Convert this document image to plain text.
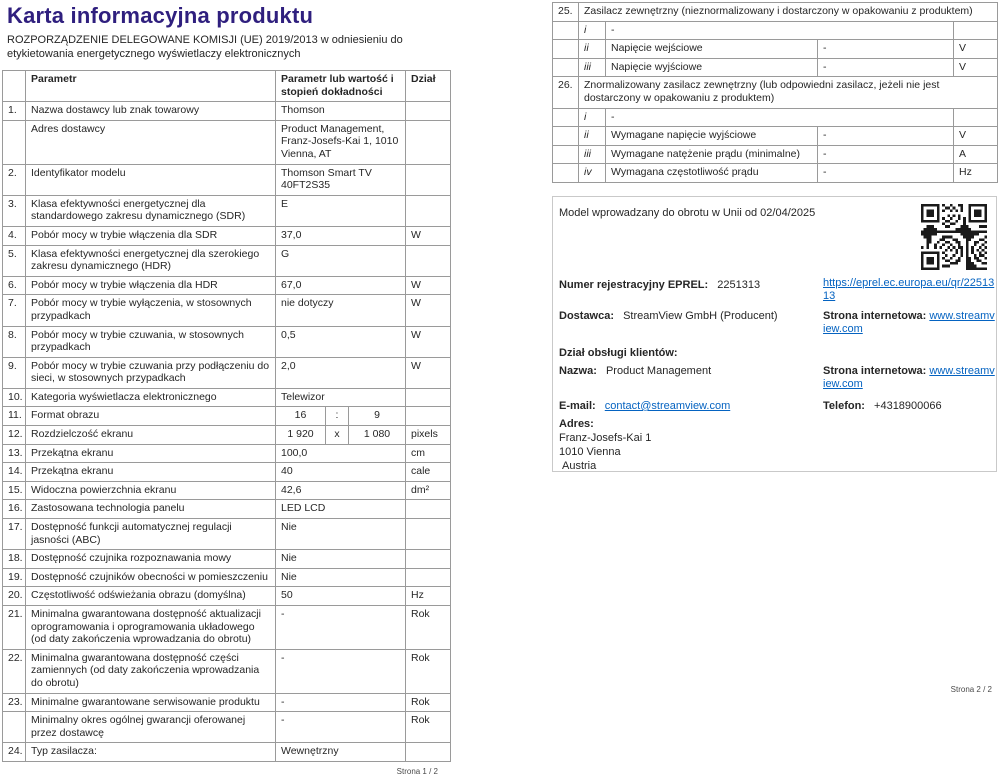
Karta informacyjna produktu
ROZPORZĄDZENIE DELEGOWANE KOMISJI (UE) 2019/2013 w odniesieniu do etykietowania energetycznego wyświetlaczy elektronicznych
	Parametr	Parametr lub wartość i stopień dokładności	Dział
1.	Nazwa dostawcy lub znak towarowy	Thomson	
	Adres dostawcy	Product Management, Franz-Josefs-Kai 1, 1010 Vienna, AT	
2.	Identyfikator modelu	Thomson Smart TV 40FT2S35	
3.	Klasa efektywności energetycznej dla standardowego zakresu dynamicznego (SDR)	E	
4.	Pobór mocy w trybie włączenia dla SDR	37,0	W
5.	Klasa efektywności energetycznej dla szerokiego zakresu dynamicznego (HDR)	G	
6.	Pobór mocy w trybie włączenia dla HDR	67,0	W
7.	Pobór mocy w trybie wyłączenia, w stosownych przypadkach	nie dotyczy	W
8.	Pobór mocy w trybie czuwania, w stosownych przypadkach	0,5	W
9.	Pobór mocy w trybie czuwania przy podłączeniu do sieci, w stosownych przypadkach	2,0	W
10.	Kategoria wyświetlacza elektronicznego	Telewizor	
11.	Format obrazu	16 : 9	

12.	Rozdzielczość ekranu	1 920 x 1 080	pixels
13.	Przekątna ekranu	100,0	cm
14.	Przekątna ekranu	40	cale
15.	Widoczna powierzchnia ekranu	42,6	dm²
16.	Zastosowana technologia panelu	LED LCD	
17.	Dostępność funkcji automatycznej regulacji jasności (ABC)	Nie	
18.	Dostępność czujnika rozpoznawania mowy	Nie	
19.	Dostępność czujników obecności w pomieszczeniu	Nie	
20.	Częstotliwość odświeżania obrazu (domyślna)	50	Hz
21.	Minimalna gwarantowana dostępność aktualizacji oprogramowania i oprogramowania układowego (od daty zakończenia wprowadzania do obrotu)	-	Rok
22.	Minimalna gwarantowana dostępność części zamiennych (od daty zakończenia wprowadzania do obrotu)	-	Rok
23.	Minimalne gwarantowane serwisowanie produktu	-	Rok
	Minimalny okres ogólnej gwarancji oferowanej przez dostawcę	-	Rok
24.	Typ zasilacza:	Wewnętrzny	
Strona 1 / 2
25.	Zasilacz zewnętrzny (nieznormalizowany i dostarczony w opakowaniu z produktem)			
	i	-		
	ii	Napięcie wejściowe	-	V
	iii	Napięcie wyjściowe	-	V
26.	Znormalizowany zasilacz zewnętrzny (lub odpowiedni zasilacz, jeżeli nie jest dostarczony w opakowaniu z produktem)			
	i	-		
	ii	Wymagane napięcie wyjściowe	-	V
	iii	Wymagane natężenie prądu (minimalne)	-	A
	iv	Wymagana częstotliwość prądu	-	Hz
Model wprowadzany do obrotu w Unii od 02/04/2025
Numer rejestracyjny EPREL: 2251313	https://eprel.ec.europa.eu/qr/2251313
Dostawca: StreamView GmbH (Producent)	Strona internetowa: www.streamview.com
Dział obsługi klientów:
Nazwa: Product Management	Strona internetowa: www.streamview.com
E-mail: contact@streamview.com	Telefon: +4318900066
Adres:
Franz-Josefs-Kai 1
1010 Vienna
Austria
Strona 2 / 2
